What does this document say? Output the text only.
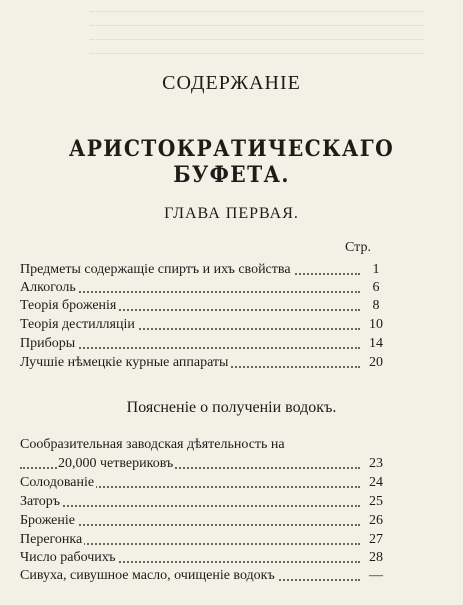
СОДЕРЖАНІЕ
АРИСТОКРАТИЧЕСКАГО БУФЕТА.
ГЛАВА ПЕРВАЯ.
Стр.
Предметы содержащіе спиртъ и ихъ свойства	1
Алкоголь	6
Теорія броженія	8
Теорія дестилляціи	10
Приборы	14
Лучшіе нѣмецкіе курные аппараты	20
Поясненіе о полученіи водокъ.
Сообразительная заводская дѣятельность на
20,000 четвериковъ	23
Солодованіе	24
Заторъ	25
Броженіе	26
Перегонка	27
Число рабочихъ	28
Сивуха, сивушное масло, очищеніе водокъ	—
